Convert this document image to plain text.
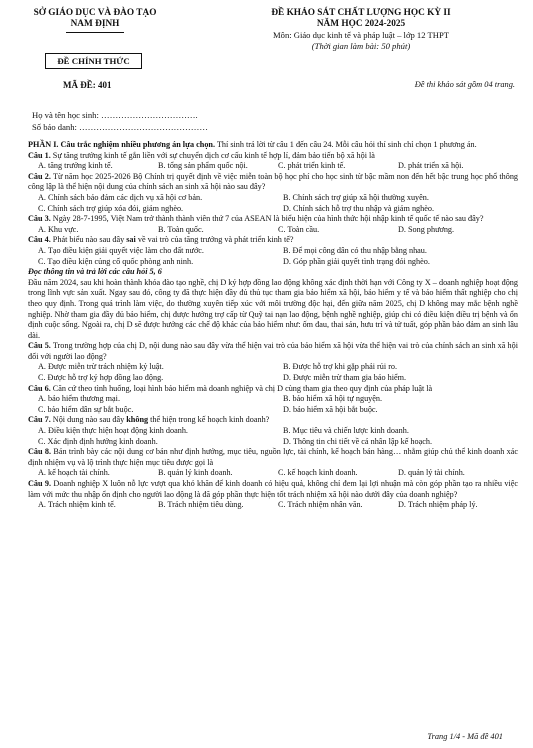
SỞ GIÁO DỤC VÀ ĐÀO TẠO
NAM ĐỊNH
ĐỀ CHÍNH THỨC
MÃ ĐỀ: 401
ĐỀ KHẢO SÁT CHẤT LƯỢNG HỌC KỲ II
NĂM HỌC 2024-2025
Môn: Giáo dục kinh tế và pháp luật – lớp 12 THPT
(Thời gian làm bài: 50 phút)
Đề thi khảo sát gồm 04 trang.
Họ và tên học sinh: …………………………….
Số báo danh: ………………………………………

PHẦN I. Câu trắc nghiệm nhiều phương án lựa chọn. Thí sinh trả lời từ câu 1 đến câu 24. Mỗi câu hỏi thí sinh chỉ chọn 1 phương án.

Câu 1. Sự tăng trưởng kinh tế gắn liền với sự chuyển dịch cơ cấu kinh tế hợp lí, đảm bảo tiến bộ xã hội là

A. tăng trưởng kinh tế.	B. tổng sản phẩm quốc nội.	C. phát triển kinh tế.	D. phát triển xã hội.

Câu 2. Từ năm học 2025-2026 Bộ Chính trị quyết định về việc miễn toàn bộ học phí cho học sinh từ bậc mầm non đến hết bậc trung học phổ thông công lập là thể hiện nội dung của chính sách an sinh xã hội nào sau đây?

A. Chính sách bảo đảm các dịch vụ xã hội cơ bản.	B. Chính sách trợ giúp xã hội thường xuyên.
C. Chính sách trợ giúp xóa đói, giảm nghèo.	D. Chính sách hỗ trợ thu nhập và giảm nghèo.

Câu 3. Ngày 28-7-1995, Việt Nam trở thành thành viên thứ 7 của ASEAN là biểu hiện của hình thức hội nhập kinh tế quốc tế nào sau đây?

A. Khu vực.	B. Toàn quốc.	C. Toàn cầu.	D. Song phương.

Câu 4. Phát biểu nào sau đây sai về vai trò của tăng trưởng và phát triển kinh tế?

A. Tạo điều kiện giải quyết việc làm cho đất nước.	B. Để mọi công dân có thu nhập bằng nhau.
C. Tạo điều kiện củng cố quốc phòng anh ninh.	D. Góp phần giải quyết tình trạng đói nghèo.

Đọc thông tin và trả lời các câu hỏi 5, 6

Đầu năm 2024, sau khi hoàn thành khóa đào tạo nghề, chị D ký hợp đồng lao động không xác định thời hạn với Công ty X – doanh nghiệp hoạt động trong lĩnh vực sản xuất. Ngay sau đó, công ty đã thực hiện đầy đủ thủ tục tham gia bảo hiểm xã hội, bảo hiểm y tế và bảo hiểm thất nghiệp cho chị theo quy định. Trong quá trình làm việc, do thường xuyên tiếp xúc với môi trường độc hại, đến giữa năm 2025, chị D không may mắc bệnh nghề nghiệp. Nhờ tham gia đầy đủ bảo hiểm, chị được hưởng trợ cấp từ Quỹ tai nạn lao động, bệnh nghề nghiệp, giúp chi có điều kiện điều trị bệnh và ổn định cuộc sống. Ngoài ra, chị D sẽ được hưởng các chế độ khác của bảo hiểm như: ốm đau, thai sản, hưu trí và tử tuất, góp phần bảo đảm an sinh lâu dài.

Câu 5. Trong trường hợp của chị D, nội dung nào sau đây vừa thể hiện vai trò của bảo hiểm xã hội vừa thể hiện vai trò của chính sách an sinh xã hội đối với người lao động?

A. Được miễn trừ trách nhiệm kỷ luật.	B. Được hỗ trợ khi gặp phải rủi ro.
C. Được hỗ trợ ký hợp đồng lao động.	D. Được miễn trừ tham gia bảo hiểm.

Câu 6. Căn cứ theo tình huống, loại hình bảo hiểm mà doanh nghiệp và chị D cùng tham gia theo quy định của pháp luật là

A. bảo hiểm thương mại.	B. bảo hiểm xã hội tự nguyện.
C. bảo hiểm dân sự bắt buộc.	D. bảo hiểm xã hội bắt buộc.

Câu 7. Nội dung nào sau đây không thể hiện trong kế hoạch kinh doanh?

A. Điều kiện thực hiện hoạt động kinh doanh.	B. Mục tiêu và chiến lược kinh doanh.
C. Xác định định hướng kinh doanh.	D. Thông tin chi tiết về cá nhân lập kế hoạch.

Câu 8. Bản trình bày các nội dung cơ bản như định hướng, mục tiêu, nguồn lực, tài chính, kế hoạch bán hàng… nhằm giúp chủ thể kinh doanh xác định nhiệm vụ và lộ trình thực hiện mục tiêu được gọi là

A. kế hoạch tài chính.	B. quản lý kinh doanh.	C. kế hoạch kinh doanh.	D. quản lý tài chính.

Câu 9. Doanh nghiệp X luôn nỗ lực vượt qua khó khăn để kinh doanh có hiệu quả, không chỉ đem lại lợi nhuận mà còn góp phần tạo ra nhiều việc làm với mức thu nhập ổn định cho người lao động là đã góp phần thực hiện tốt trách nhiệm xã hội nào dưới đây của doanh nghiệp?

A. Trách nhiệm kinh tế.	B. Trách nhiệm tiêu dùng.	C. Trách nhiệm nhân văn.	D. Trách nhiệm pháp lý.
Trang 1/4 - Mã đề 401
